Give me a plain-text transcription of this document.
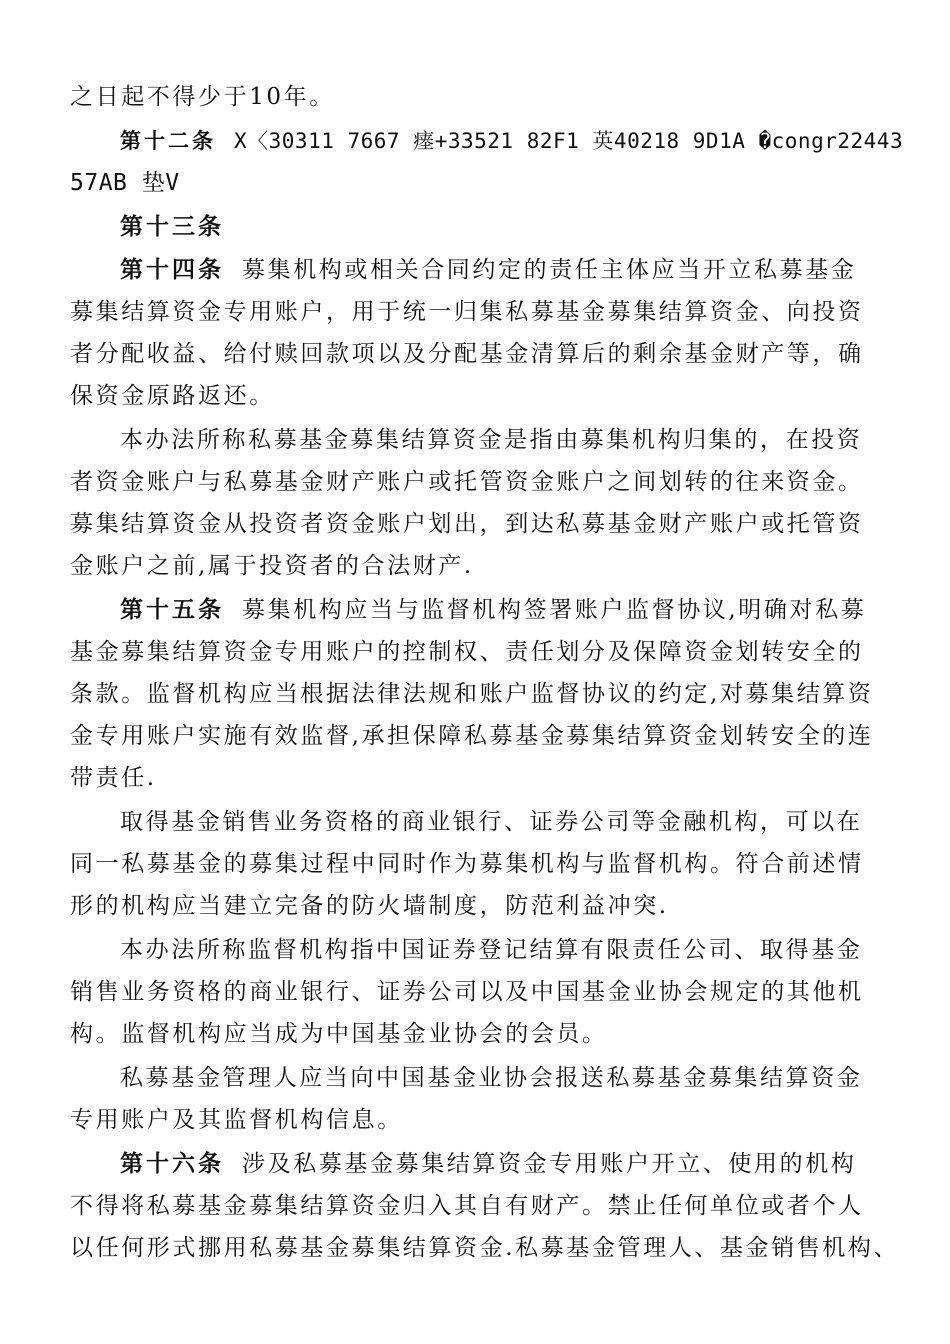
之日起不得少于10年。
第十二条 X〈30311 7667 瘗+33521 82F1 英40218 9D1A �congr22443
57AB 垫V
第十三条
第十四条 募集机构或相关合同约定的责任主体应当开立私募基金
募集结算资金专用账户，用于统一归集私募基金募集结算资金、向投资
者分配收益、给付赎回款项以及分配基金清算后的剩余基金财产等，确
保资金原路返还。
本办法所称私募基金募集结算资金是指由募集机构归集的，在投资
者资金账户与私募基金财产账户或托管资金账户之间划转的往来资金。
募集结算资金从投资者资金账户划出，到达私募基金财产账户或托管资
金账户之前,属于投资者的合法财产.
第十五条 募集机构应当与监督机构签署账户监督协议,明确对私募
基金募集结算资金专用账户的控制权、责任划分及保障资金划转安全的
条款。监督机构应当根据法律法规和账户监督协议的约定,对募集结算资
金专用账户实施有效监督,承担保障私募基金募集结算资金划转安全的连
带责任.
取得基金销售业务资格的商业银行、证券公司等金融机构，可以在
同一私募基金的募集过程中同时作为募集机构与监督机构。符合前述情
形的机构应当建立完备的防火墙制度，防范利益冲突.
本办法所称监督机构指中国证券登记结算有限责任公司、取得基金
销售业务资格的商业银行、证券公司以及中国基金业协会规定的其他机
构。监督机构应当成为中国基金业协会的会员。
私募基金管理人应当向中国基金业协会报送私募基金募集结算资金
专用账户及其监督机构信息。
第十六条 涉及私募基金募集结算资金专用账户开立、使用的机构
不得将私募基金募集结算资金归入其自有财产。禁止任何单位或者个人
以任何形式挪用私募基金募集结算资金.私募基金管理人、基金销售机构、
